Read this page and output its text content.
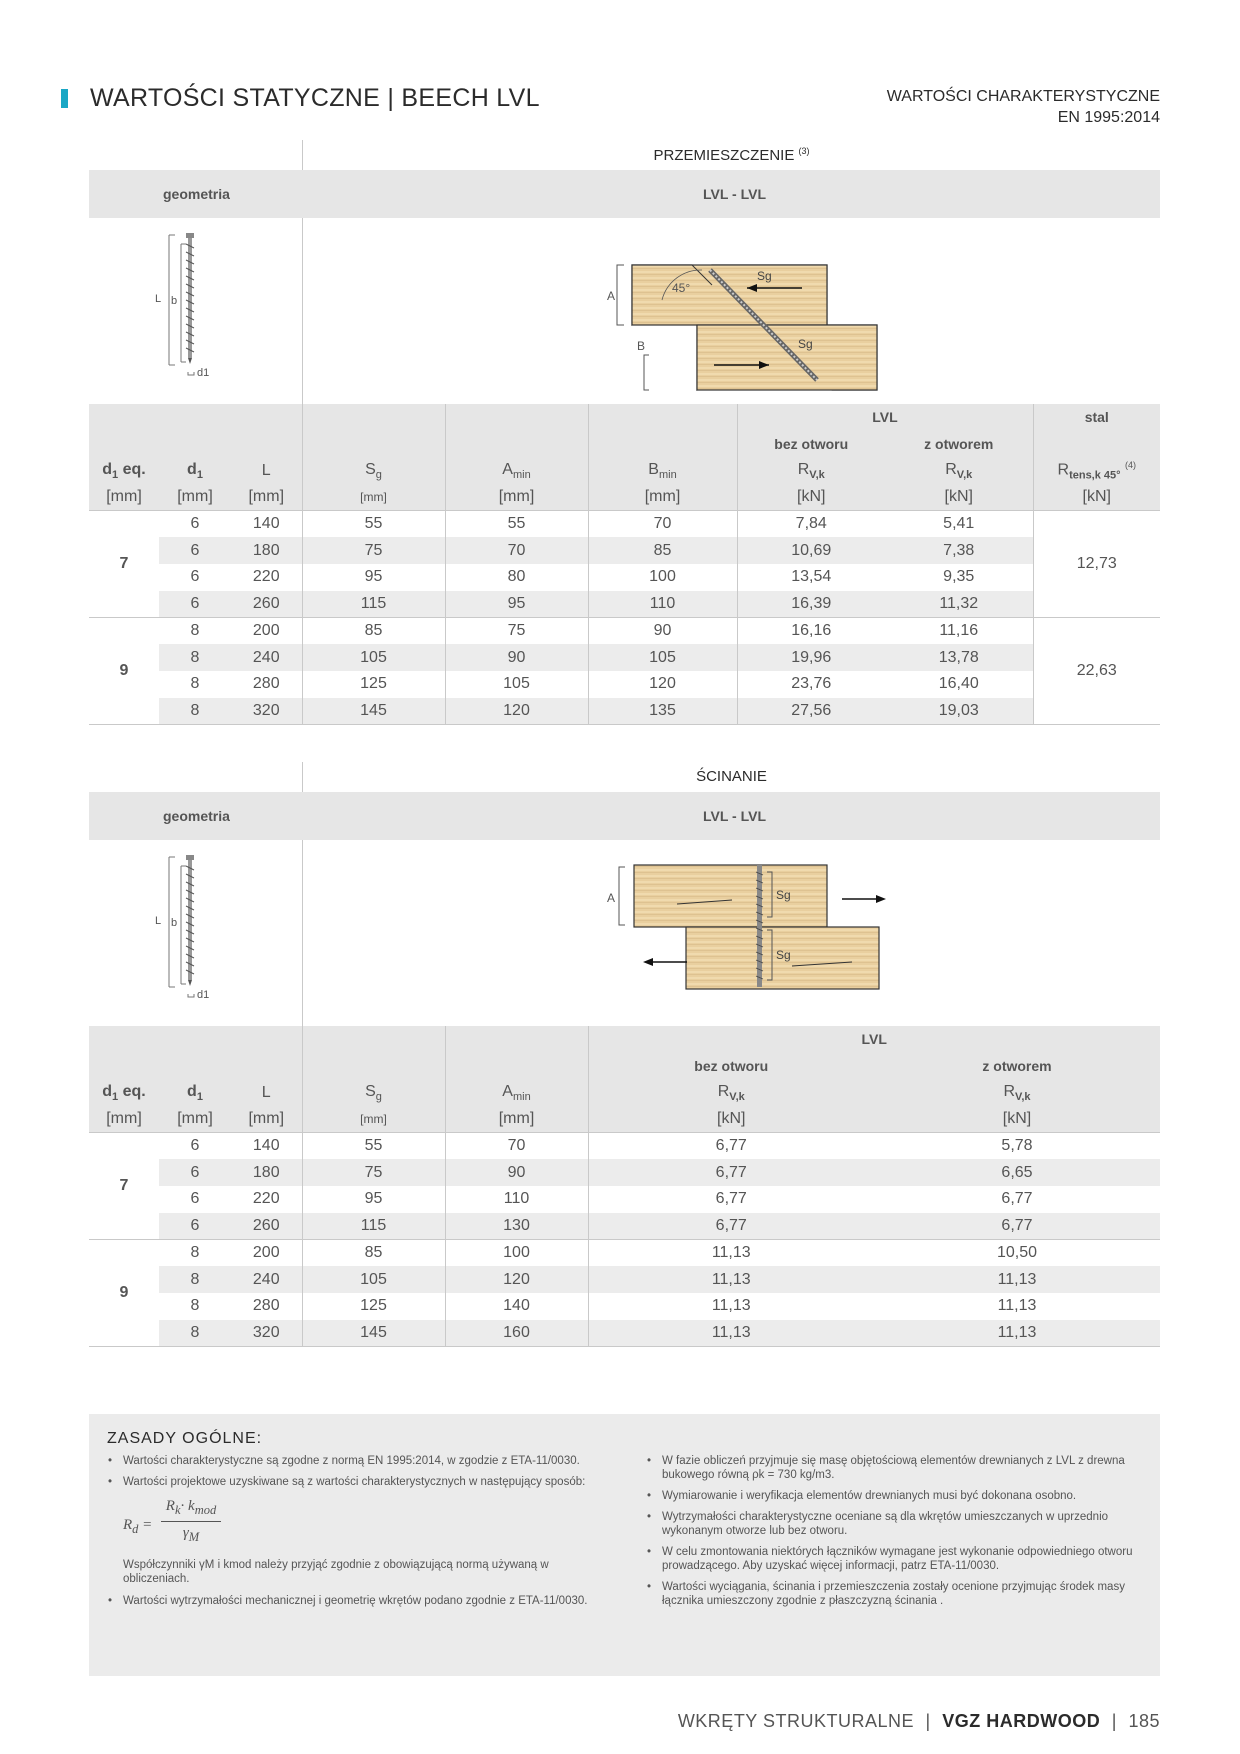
WARTOŚCI STATYCZNE | BEECH LVL	WARTOŚCI CHARAKTERYSTYCZNE
EN 1995:2014
PRZEMIESZCZENIE $^{(3)}$
geometria	LVL - LVL
L b
d1
45°
Sg
Sg
A
B
						LVL		stal
						bez otworu	z otworem	
$d_1$ eq.	$d_1$	L	$S_g$	$A_{min}$	$B_{min}$	$R_{V,k}$	$R_{V,k}$	$R_{tens,k 45^\circ}$ $^{(4)}$
[mm]	[mm]	[mm]	[mm]	[mm]	[mm]	[kN]	[kN]	[kN]
7	6	140	55	55	70	7,84	5,41	12,73
	6	180	75	70	85	10,69	7,38	
	6	220	95	80	100	13,54	9,35	
	6	260	115	95	110	16,39	11,32	
9	8	200	85	75	90	16,16	11,16	22,63
	8	240	105	90	105	19,96	13,78	
	8	280	125	105	120	23,76	16,40	
	8	320	145	120	135	27,56	19,03	
ŚCINANIE
geometria	LVL - LVL
L b
d1
Sg
Sg
A
					LVL	
					bez otworu	z otworem
$d_1$ eq.	$d_1$	L	$S_g$	$A_{min}$	$R_{V,k}$	$R_{V,k}$
[mm]	[mm]	[mm]	[mm]	[mm]	[kN]	[kN]
7	6	140	55	70	6,77	5,78
	6	180	75	90	6,77	6,65
	6	220	95	110	6,77	6,77
	6	260	115	130	6,77	6,77
9	8	200	85	100	11,13	10,50
	8	240	105	120	11,13	11,13
	8	280	125	140	11,13	11,13
	8	320	145	160	11,13	11,13
ZASADY OGÓLNE:
• Wartości charakterystyczne są zgodne z normą EN 1995:2014, w zgodzie z ETA-11/0030.
• Wartości projektowe uzyskiwane są z wartości charakterystycznych w następujący sposób:
$R_d$ =
$R_k\cdot k_{mod}$
$\gamma_M$
Współczynniki γM i kmod należy przyjąć zgodnie z obowiązującą normą używaną w obliczeniach.
• Wartości wytrzymałości mechanicznej i geometrię wkrętów podano zgodnie z ETA-11/0030.
• W fazie obliczeń przyjmuje się masę objętościową elementów drewnianych z LVL z drewna bukowego równą ρk = 730 kg/m3.
• Wymiarowanie i weryfikacja elementów drewnianych musi być dokonana osobno.
• Wytrzymałości charakterystyczne oceniane są dla wkrętów umieszczanych w uprzednio wykonanym otworze lub bez otworu.
• W celu zmontowania niektórych łączników wymagane jest wykonanie odpowiedniego otworu prowadzącego. Aby uzyskać więcej informacji, patrz ETA-11/0030.
• Wartości wyciągania, ścinania i przemieszczenia zostały ocenione przyjmując środek masy łącznika umieszczony zgodnie z płaszczyzną ścinania .
WKRĘTY STRUKTURALNE | VGZ HARDWOOD | 185
